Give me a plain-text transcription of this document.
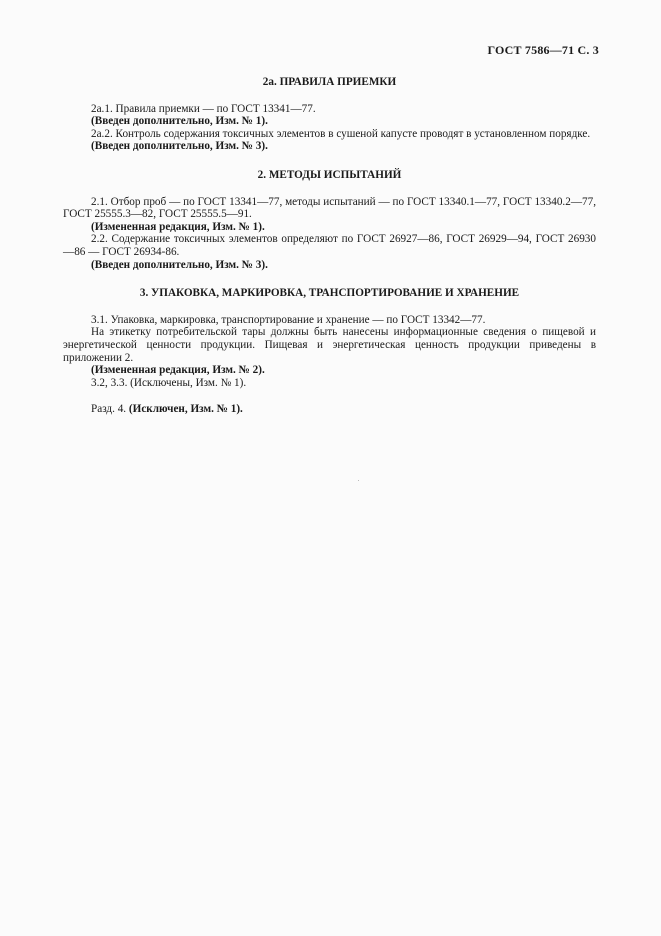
ГОСТ 7586—71 С. 3
2а. ПРАВИЛА ПРИЕМКИ

2а.1. Правила приемки — по ГОСТ 13341—77.

(Введен дополнительно, Изм. № 1).

2а.2. Контроль содержания токсичных элементов в сушеной капусте проводят в установленном порядке.

(Введен дополнительно, Изм. № 3).

2. МЕТОДЫ ИСПЫТАНИЙ

2.1. Отбор проб — по ГОСТ 13341—77, методы испытаний — по ГОСТ 13340.1—77, ГОСТ 13340.2—77, ГОСТ 25555.3—82, ГОСТ 25555.5—91.

(Измененная редакция, Изм. № 1).

2.2. Содержание токсичных элементов определяют по ГОСТ 26927—86, ГОСТ 26929—94, ГОСТ 26930—86 — ГОСТ 26934-86.

(Введен дополнительно, Изм. № 3).

3. УПАКОВКА, МАРКИРОВКА, ТРАНСПОРТИРОВАНИЕ И ХРАНЕНИЕ

3.1. Упаковка, маркировка, транспортирование и хранение — по ГОСТ 13342—77.

На этикетку потребительской тары должны быть нанесены информационные сведения о пищевой и энергетической ценности продукции. Пищевая и энергетическая ценность продукции приведены в приложении 2.

(Измененная редакция, Изм. № 2).

3.2, 3.3. (Исключены, Изм. № 1).

Разд. 4. (Исключен, Изм. № 1).
